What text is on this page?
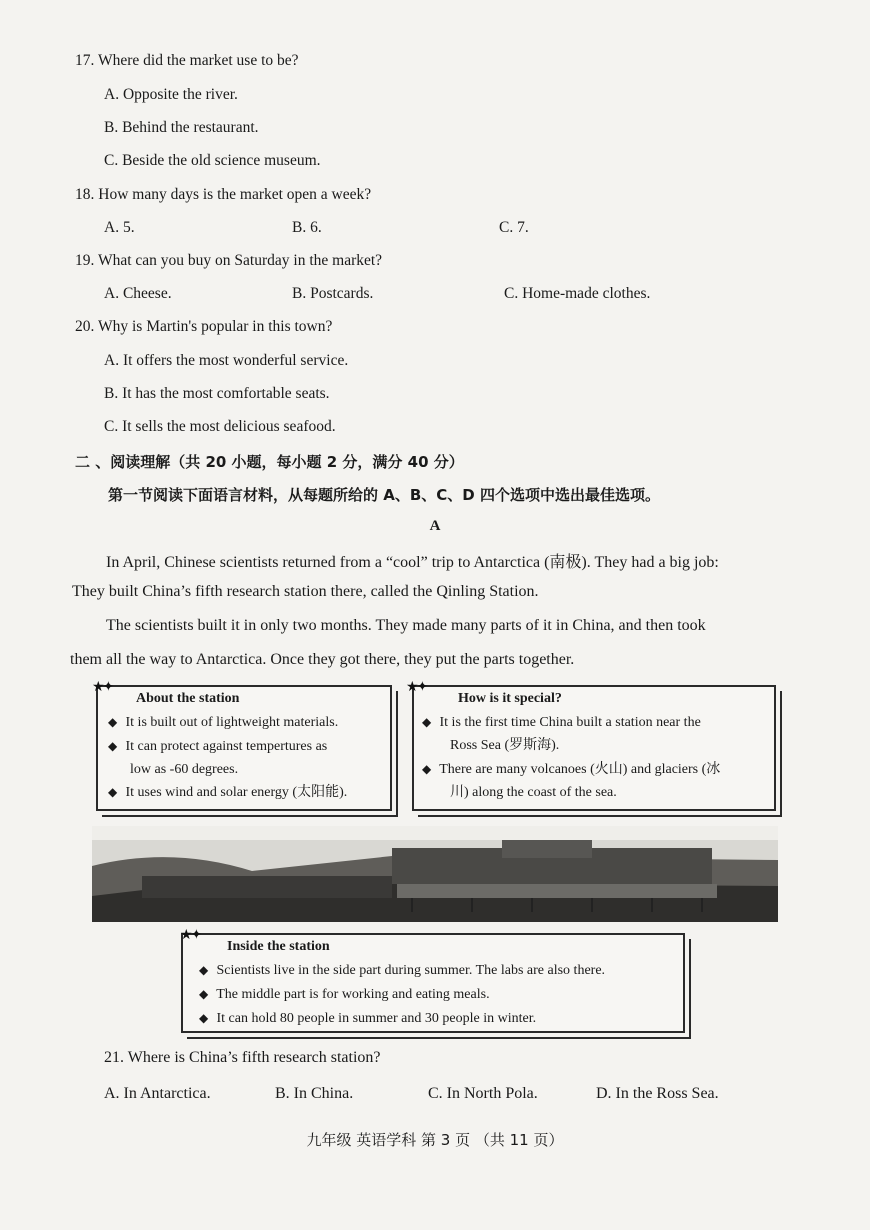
17. Where did the market use to be?
A. Opposite the river.
B. Behind the restaurant.
C. Beside the old science museum.
18. How many days is the market open a week?
A. 5.	B. 6.	C. 7.
19. What can you buy on Saturday in the market?
A. Cheese.	B. Postcards.	C. Home-made clothes.
20. Why is Martin's popular in this town?
A. It offers the most wonderful service.
B. It has the most comfortable seats.
C. It sells the most delicious seafood.
二 、阅读理解（共 20 小题，每小题 2 分，满分 40 分）
第一节阅读下面语言材料，从每题所给的 A、B、C、D 四个选项中选出最佳选项。
A
In April, Chinese scientists returned from a “cool” trip to Antarctica (南极). They had a big job:
They built China’s fifth research station there, called the Qinling Station.
The scientists built it in only two months. They made many parts of it in China, and then took
them all the way to Antarctica. Once they got there, they put the parts together.
About the station
◆ It is built out of lightweight materials.
◆ It can protect against tempertures as
low as -60 degrees.
◆ It uses wind and solar energy (太阳能).
★✦
How is it special?
◆ It is the first time China built a station near the
Ross Sea (罗斯海).
◆ There are many volcanoes (火山) and glaciers (冰
川) along the coast of the sea.
★✦
Inside the station
◆ Scientists live in the side part during summer. The labs are also there.
◆ The middle part is for working and eating meals.
◆ It can hold 80 people in summer and 30 people in winter.
★✦
21. Where is China’s fifth research station?
A. In Antarctica.	B. In China.	C. In North Pola.	D. In the Ross Sea.
九年级 英语学科 第 3 页 （共 11 页）
